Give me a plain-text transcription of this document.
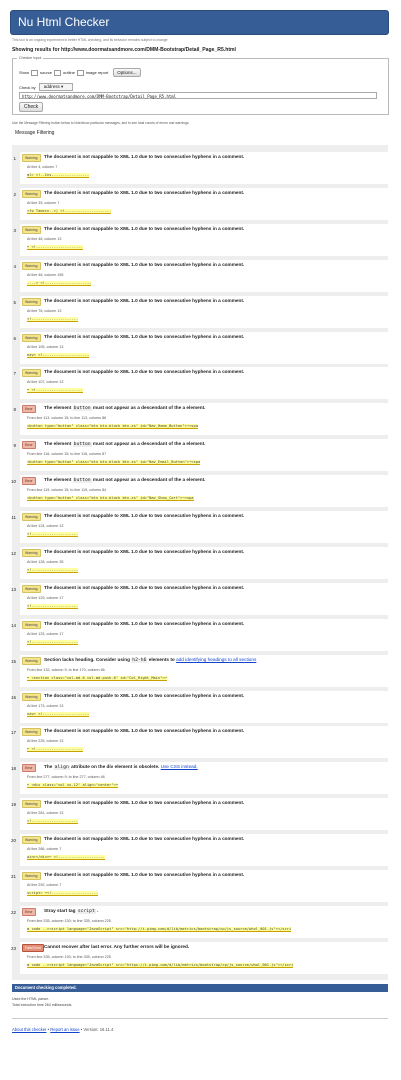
Nu Html Checker
This tool is an ongoing experiment in better HTML checking, and its behavior remains subject to change
Showing results for http://www.doormatsandmore.com/DMM-Bootstrap/Detail_Page_R5.html
Checker Input
Show	source	outline	image report	Options...
Check by	address ▾
http://www.doormatsandmore.com/DMM-Bootstrap/Detail_Page_R5.html
Check
Use the Message Filtering button below to hide/show particular messages, and to see total counts of errors and warnings.
Message Filtering
1	Warning	The document is not mappable to XML 1.0 due to two consecutive hyphens in a comment.
At line 4, column 7
ml> <!--Ins-----------------
2	Warning	The document is not mappable to XML 1.0 due to two consecutive hyphens in a comment.
At line 35, column 7
<fo Tamzin-->| <!---------------------
3	Warning	The document is not mappable to XML 1.0 due to two consecutive hyphens in a comment.
At line 46, column 13
↩ <!---------------------
4	Warning	The document is not mappable to XML 1.0 due to two consecutive hyphens in a comment.
At line 46, column 155
----> <!---------------------
5	Warning	The document is not mappable to XML 1.0 due to two consecutive hyphens in a comment.
At line 76, column 13
<!---------------------
6	Warning	The document is not mappable to XML 1.0 due to two consecutive hyphens in a comment.
At line 105, column 13
nav> <!---------------------
7	Warning	The document is not mappable to XML 1.0 due to two consecutive hyphens in a comment.
At line 107, column 13
↩ <!---------------------
8	Error	The element button must not appear as a descendant of the a element.
From line 113, column 15; to line 113, column 86
<button type="button" class="btn btn-block btn-xs" id="Nav_Home_Button">→<spa
9	Error	The element button must not appear as a descendant of the a element.
From line 116, column 15; to line 116, column 87
<button type="button" class="btn btn-block btn-xs" id="Nav_Email_Button">→<spa
10	Error	The element button must not appear as a descendant of the a element.
From line 119, column 15; to line 119, column 84
<button type="button" class="btn btn-block btn-xs" id="Nav_Show_Cart">→<spa
11	Warning	The document is not mappable to XML 1.0 due to two consecutive hyphens in a comment.
At line 124, column 13
<!---------------------
12	Warning	The document is not mappable to XML 1.0 due to two consecutive hyphens in a comment.
At line 128, column 35
<!---------------------
13	Warning	The document is not mappable to XML 1.0 due to two consecutive hyphens in a comment.
At line 129, column 17
<!---------------------
14	Warning	The document is not mappable to XML 1.0 due to two consecutive hyphens in a comment.
At line 133, column 17
<!---------------------
15	Warning	Section lacks heading. Consider using h2-h6 elements to add identifying headings to all sections
From line 132, column 9; to line 170, column 66
↩ <section class="col-md-6 col-md-push-6" id="Col_Right_Main">↩
16	Warning	The document is not mappable to XML 1.0 due to two consecutive hyphens in a comment.
At line 173, column 13
nav> <!---------------------
17	Warning	The document is not mappable to XML 1.0 due to two consecutive hyphens in a comment.
At line 225, column 13
↩ <!---------------------
18	Error	The align attribute on the div element is obsolete. Use CSS instead.
From line 277, column 9; to line 277, column 46
↩ <div class="col xs-12" align="center">↩
19	Warning	The document is not mappable to XML 1.0 due to two consecutive hyphens in a comment.
At line 281, column 13
<!---------------------
20	Warning	The document is not mappable to XML 1.0 due to two consecutive hyphens in a comment.
At line 286, column 7
ain></div>↩ <!---------------------
21	Warning	The document is not mappable to XML 1.0 due to two consecutive hyphens in a comment.
At line 292, column 7
script> ↩<!---------------------
22	Error	Stray start tag script .
From line 335, column 130; to line 335, column 225
m code --><script language="JavaScript" src="http://i.pimg.com/d/lib/metrics/bootstrap/cp/js_source/whol_001.js"></scri
23	Fatal Error Cannot recover after last error. Any further errors will be ignored.
From line 335, column 130; to line 335, column 225
m code --><script language="JavaScript" src="https://i.pimg.com/d/lib/metrics/bootstrap/cp/js_source/whol_001.js"></scri
Document checking completed.
Used the HTML parser.
Total execution time 264 milliseconds.
About this checker • Report an issue • Version: 16.11.4
